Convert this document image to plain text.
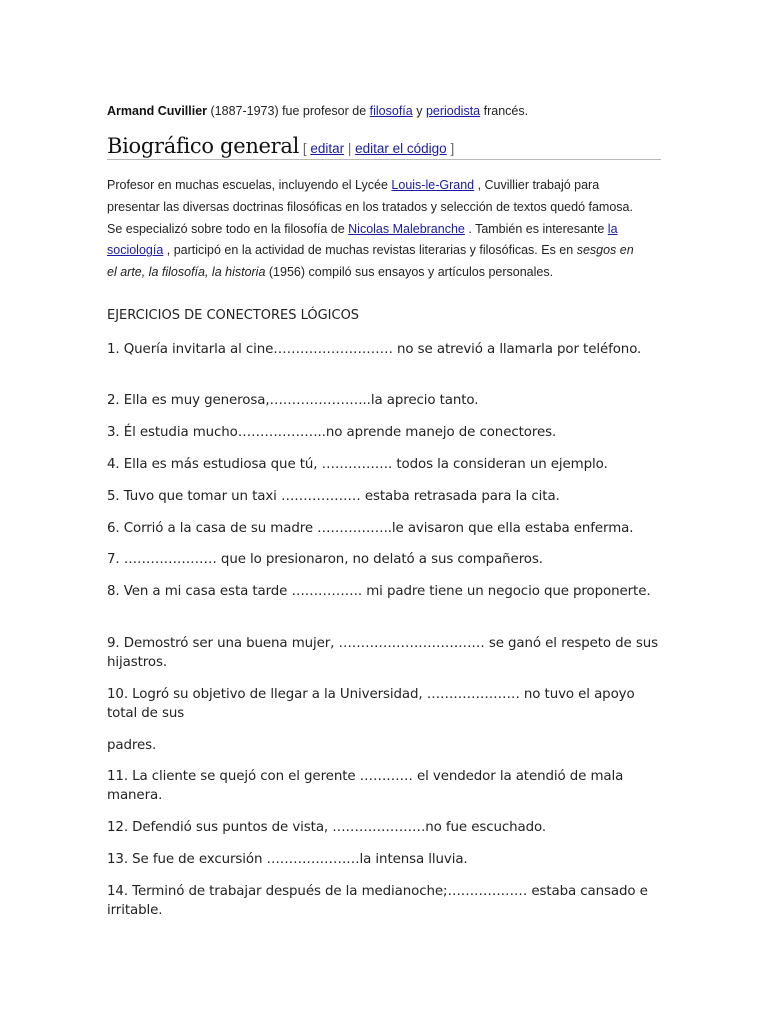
Armand Cuvillier (1887-1973) fue profesor de filosofía y periodista francés.
Biográfico general [ editar | editar el código ]
Profesor en muchas escuelas, incluyendo el Lycée Louis-le-Grand , Cuvillier trabajó para presentar las diversas doctrinas filosóficas en los tratados y selección de textos quedó famosa. Se especializó sobre todo en la filosofía de Nicolas Malebranche . También es interesante la sociología , participó en la actividad de muchas revistas literarias y filosóficas. Es en sesgos en el arte, la filosofía, la historia (1956) compiló sus ensayos y artículos personales.
EJERCICIOS DE CONECTORES LÓGICOS
1. Quería invitarla al cine……………………… no se atrevió a llamarla por teléfono.
2. Ella es muy generosa,…………………..la aprecio tanto.
3. Él estudia mucho………………..no aprende manejo de conectores.
4. Ella es más estudiosa que tú, ……………. todos la consideran un ejemplo.
5. Tuvo que tomar un taxi ……………… estaba retrasada para la cita.
6. Corrió a la casa de su madre ……………..le avisaron que ella estaba enferma.
7. ………………… que lo presionaron, no delató a sus compañeros.
8. Ven a mi casa esta tarde ……………. mi padre tiene un negocio que proponerte.
9. Demostró ser una buena mujer, …………………………… se ganó el respeto de sus hijastros.
10. Logró su objetivo de llegar a la Universidad, ………………… no tuvo el apoyo total de sus
padres.
11. La cliente se quejó con el gerente ………… el vendedor la atendió de mala manera.
12. Defendió sus puntos de vista, …………………no fue escuchado.
13. Se fue de excursión …………………la intensa lluvia.
14. Terminó de trabajar después de la medianoche;……………… estaba cansado e irritable.
